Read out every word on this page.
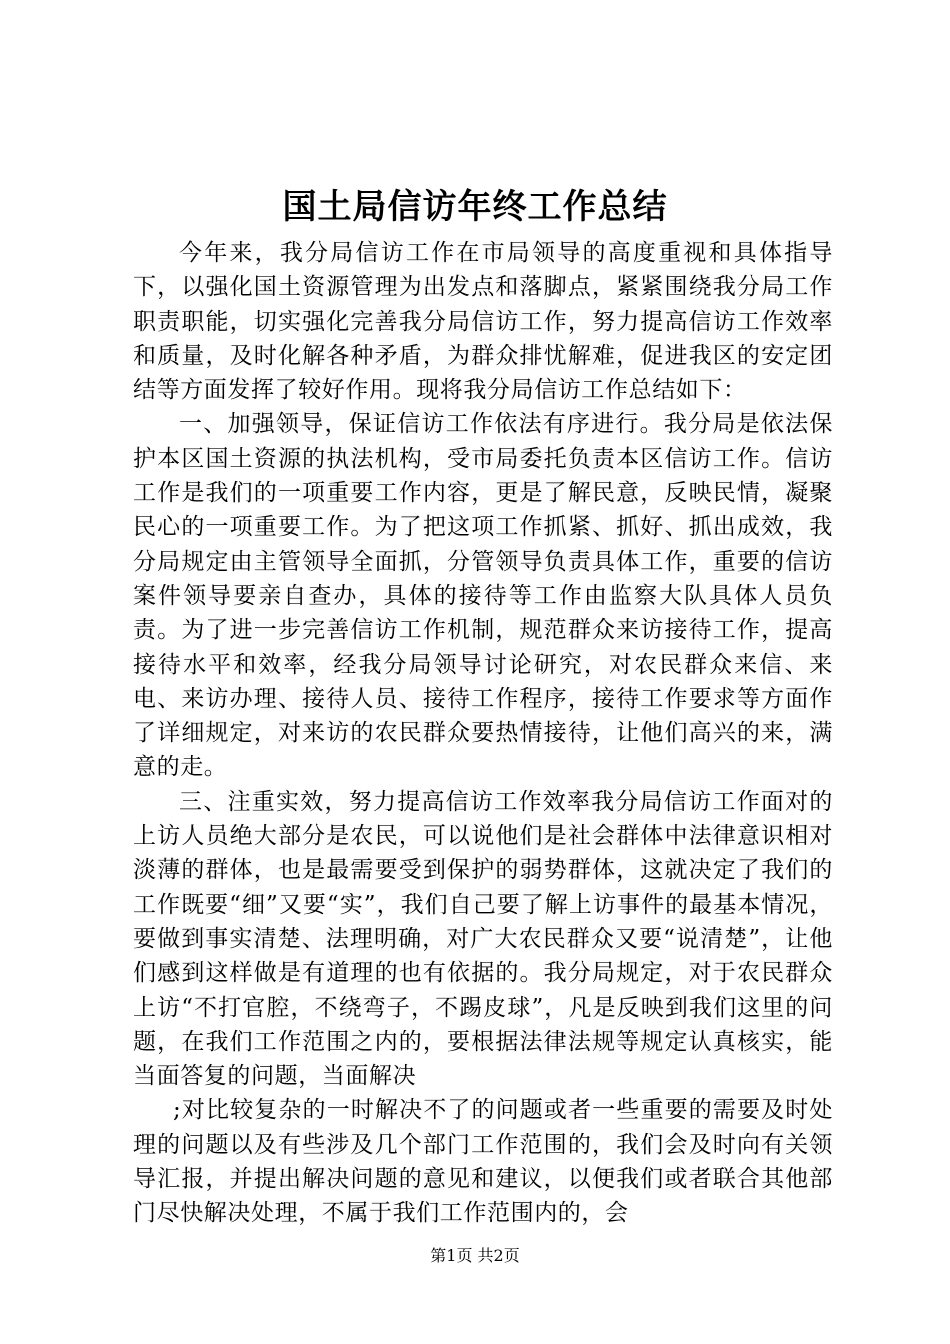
国土局信访年终工作总结

今年来，我分局信访工作在市局领导的高度重视和具体指导下，以强化国土资源管理为出发点和落脚点，紧紧围绕我分局工作职责职能，切实强化完善我分局信访工作，努力提高信访工作效率和质量，及时化解各种矛盾，为群众排忧解难，促进我区的安定团结等方面发挥了较好作用。现将我分局信访工作总结如下：

一、加强领导，保证信访工作依法有序进行。我分局是依法保护本区国土资源的执法机构，受市局委托负责本区信访工作。信访工作是我们的一项重要工作内容，更是了解民意，反映民情，凝聚民心的一项重要工作。为了把这项工作抓紧、抓好、抓出成效，我分局规定由主管领导全面抓，分管领导负责具体工作，重要的信访案件领导要亲自查办，具体的接待等工作由监察大队具体人员负责。为了进一步完善信访工作机制，规范群众来访接待工作，提高接待水平和效率，经我分局领导讨论研究，对农民群众来信、来电、来访办理、接待人员、接待工作程序，接待工作要求等方面作了详细规定，对来访的农民群众要热情接待，让他们高兴的来，满意的走。

三、注重实效，努力提高信访工作效率我分局信访工作面对的上访人员绝大部分是农民，可以说他们是社会群体中法律意识相对淡薄的群体，也是最需要受到保护的弱势群体，这就决定了我们的工作既要“细”又要“实”，我们自己要了解上访事件的最基本情况，要做到事实清楚、法理明确，对广大农民群众又要“说清楚”，让他们感到这样做是有道理的也有依据的。我分局规定，对于农民群众上访“不打官腔，不绕弯子，不踢皮球”，凡是反映到我们这里的问题，在我们工作范围之内的，要根据法律法规等规定认真核实，能当面答复的问题，当面解决

;对比较复杂的一时解决不了的问题或者一些重要的需要及时处理的问题以及有些涉及几个部门工作范围的，我们会及时向有关领导汇报，并提出解决问题的意见和建议，以便我们或者联合其他部门尽快解决处理，不属于我们工作范围内的，会

第1页 共2页
